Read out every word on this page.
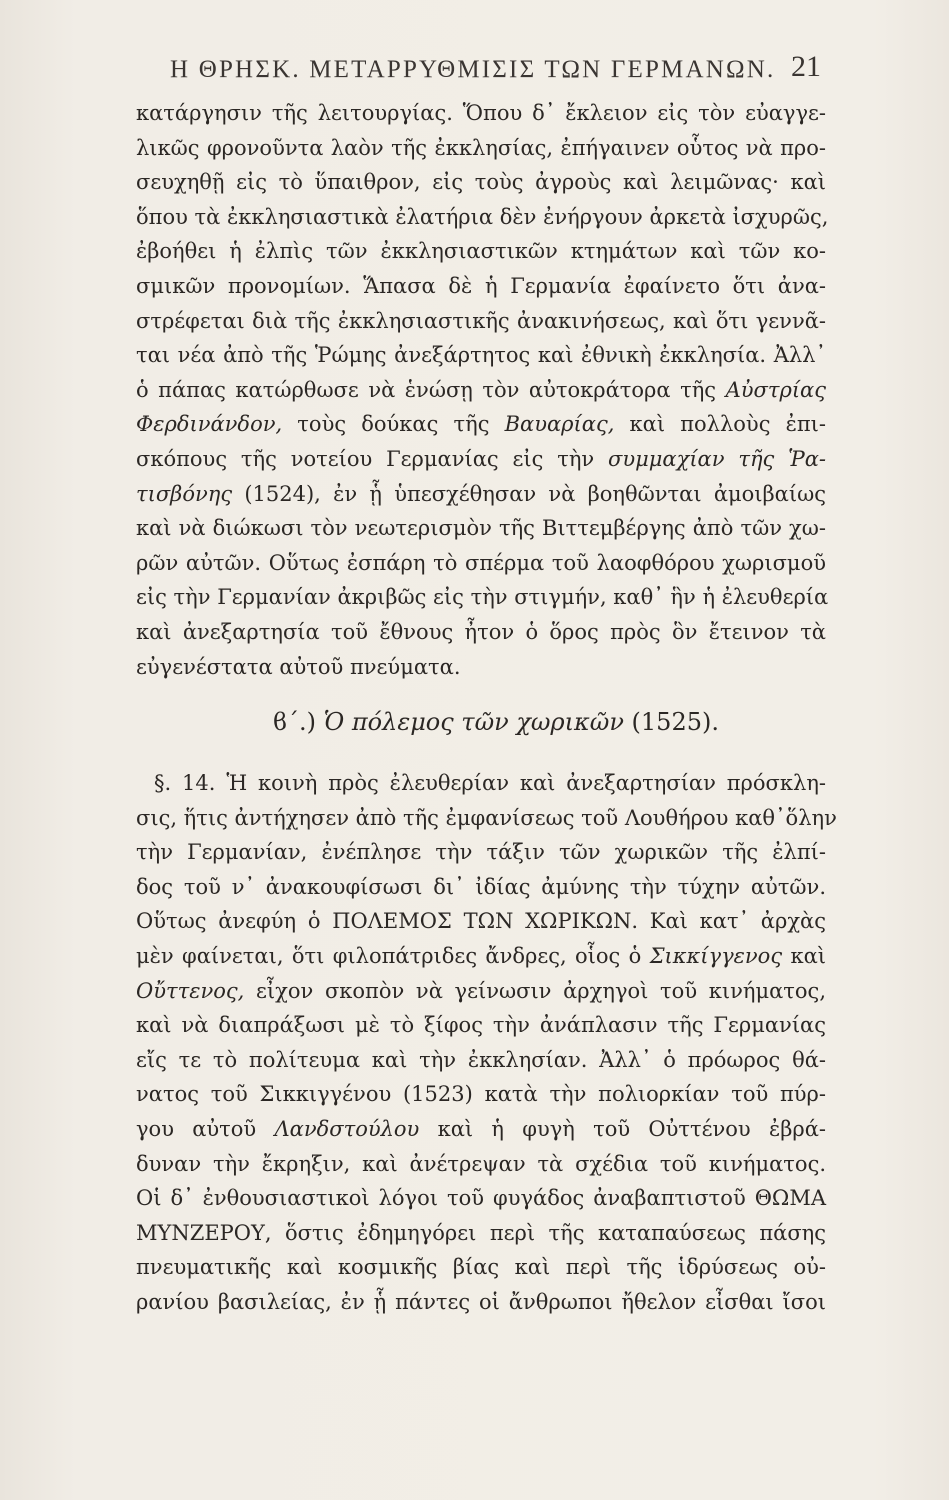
Η ΘΡΗΣΚ. ΜΕΤΑΡΡΥΘΜΙΣΙΣ ΤΩΝ ΓΕΡΜΑΝΩΝ. 21
κατάργησιν τῆς λειτουργίας. Ὅπου δ᾽ ἔκλειον εἰς τὸν εὐαγγε-
λικῶς φρονοῦντα λαὸν τῆς ἐκκλησίας, ἐπήγαινεν οὗτος νὰ προ-
σευχηθῇ εἰς τὸ ὕπαιθρον, εἰς τοὺς ἀγροὺς καὶ λειμῶνας· καὶ
ὅπου τὰ ἐκκλησιαστικὰ ἐλατήρια δὲν ἐνήργουν ἀρκετὰ ἰσχυρῶς,
ἐβοήθει ἡ ἐλπὶς τῶν ἐκκλησιαστικῶν κτημάτων καὶ τῶν κο-
σμικῶν προνομίων. Ἅπασα δὲ ἡ Γερμανία ἐφαίνετο ὅτι ἀνα-
στρέφεται διὰ τῆς ἐκκλησιαστικῆς ἀνακινήσεως, καὶ ὅτι γεννᾶ-
ται νέα ἀπὸ τῆς Ῥώμης ἀνεξάρτητος καὶ ἐθνικὴ ἐκκλησία. Ἀλλ᾽
ὁ πάπας κατώρθωσε νὰ ἑνώσῃ τὸν αὐτοκράτορα τῆς Αὐστρίας
Φερδινάνδον, τοὺς δούκας τῆς Βαυαρίας, καὶ πολλοὺς ἐπι-
σκόπους τῆς νοτείου Γερμανίας εἰς τὴν συμμαχίαν τῆς Ῥα-
τισβόνης (1524), ἐν ᾗ ὑπεσχέθησαν νὰ βοηθῶνται ἀμοιβαίως
καὶ νὰ διώκωσι τὸν νεωτερισμὸν τῆς Βιττεμβέργης ἀπὸ τῶν χω-
ρῶν αὐτῶν. Οὕτως ἐσπάρη τὸ σπέρμα τοῦ λαοφθόρου χωρισμοῦ
εἰς τὴν Γερμανίαν ἀκριβῶς εἰς τὴν στιγμήν, καθ᾽ ἣν ἡ ἐλευθερία
καὶ ἀνεξαρτησία τοῦ ἔθνους ἦτον ὁ ὅρος πρὸς ὃν ἔτεινον τὰ
εὐγενέστατα αὐτοῦ πνεύματα.
ϐ΄.) Ὁ πόλεμος τῶν χωρικῶν (1525).
§. 14. Ἡ κοινὴ πρὸς ἐλευθερίαν καὶ ἀνεξαρτησίαν πρόσκλη-
σις, ἥτις ἀντήχησεν ἀπὸ τῆς ἐμφανίσεως τοῦ Λουθήρου καθ᾽ὅλην
τὴν Γερμανίαν, ἐνέπλησε τὴν τάξιν τῶν χωρικῶν τῆς ἐλπί-
δος τοῦ ν᾽ ἀνακουφίσωσι δι᾽ ἰδίας ἀμύνης τὴν τύχην αὐτῶν.
Οὕτως ἀνεφύη ὁ ΠΟΛΕΜΟΣ ΤΩΝ ΧΩΡΙΚΩΝ. Καὶ κατ᾽ ἀρχὰς
μὲν φαίνεται, ὅτι φιλοπάτριδες ἄνδρες, οἷος ὁ Σικκίγγενος καὶ
Οὔττενος, εἶχον σκοπὸν νὰ γείνωσιν ἀρχηγοὶ τοῦ κινήματος,
καὶ νὰ διαπράξωσι μὲ τὸ ξίφος τὴν ἀνάπλασιν τῆς Γερμανίας
εἴς τε τὸ πολίτευμα καὶ τὴν ἐκκλησίαν. Ἀλλ᾽ ὁ πρόωρος θά-
νατος τοῦ Σικκιγγένου (1523) κατὰ τὴν πολιορκίαν τοῦ πύρ-
γου αὐτοῦ Λανδστούλου καὶ ἡ φυγὴ τοῦ Οὐττένου ἐβρά-
δυναν τὴν ἔκρηξιν, καὶ ἀνέτρεψαν τὰ σχέδια τοῦ κινήματος.
Οἱ δ᾽ ἐνθουσιαστικοὶ λόγοι τοῦ φυγάδος ἀναβαπτιστοῦ ΘΩΜΑ
ΜΥΝΖΕΡΟΥ, ὅστις ἐδημηγόρει περὶ τῆς καταπαύσεως πάσης
πνευματικῆς καὶ κοσμικῆς βίας καὶ περὶ τῆς ἱδρύσεως οὐ-
ρανίου βασιλείας, ἐν ᾗ πάντες οἱ ἄνθρωποι ἤθελον εἶσθαι ἴσοι
